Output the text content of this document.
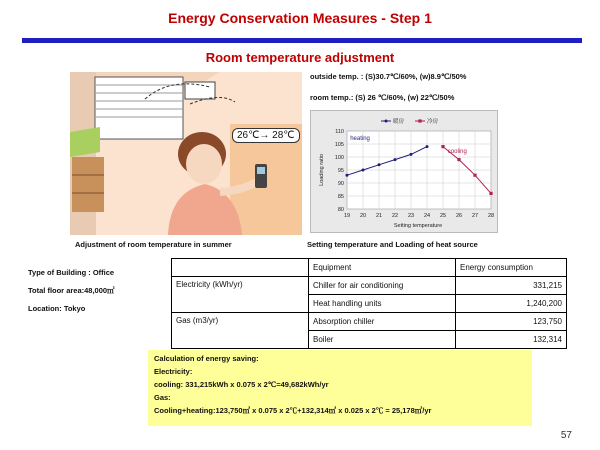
Energy Conservation Measures - Step 1
Room temperature adjustment
26℃→ 28℃
outside temp. : (S)30.7℃/60%, (w)8.9℃/50%
room temp.: (S) 26 ℃/60%, (w) 22℃/50%
80
85
90
95
100
105
110
19 20 21 22 23 24 25 26 27 28
Setting temperature
Loading ratio
heating
cooling
暖房	冷房
Adjustment of room temperature in summer	Setting temperature and Loading of heat source
Type of Building : Office
Total floor area:48,000㎡
Location: Tokyo
	Equipment	Energy consumption
Electricity (kWh/yr)	Chiller for air conditioning	331,215
	Heat handling units	1,240,200
Gas (m3/yr)	Absorption chiller	123,750
	Boiler	132,314
Calculation of energy saving:
Electricity:
cooling: 331,215kWh x 0.075 x 2℃=49,682kWh/yr
Gas:
Cooling+heating:123,750㎥ x 0.075 x 2℃+132,314㎥ x 0.025 x 2℃ = 25,178㎥/yr
57
